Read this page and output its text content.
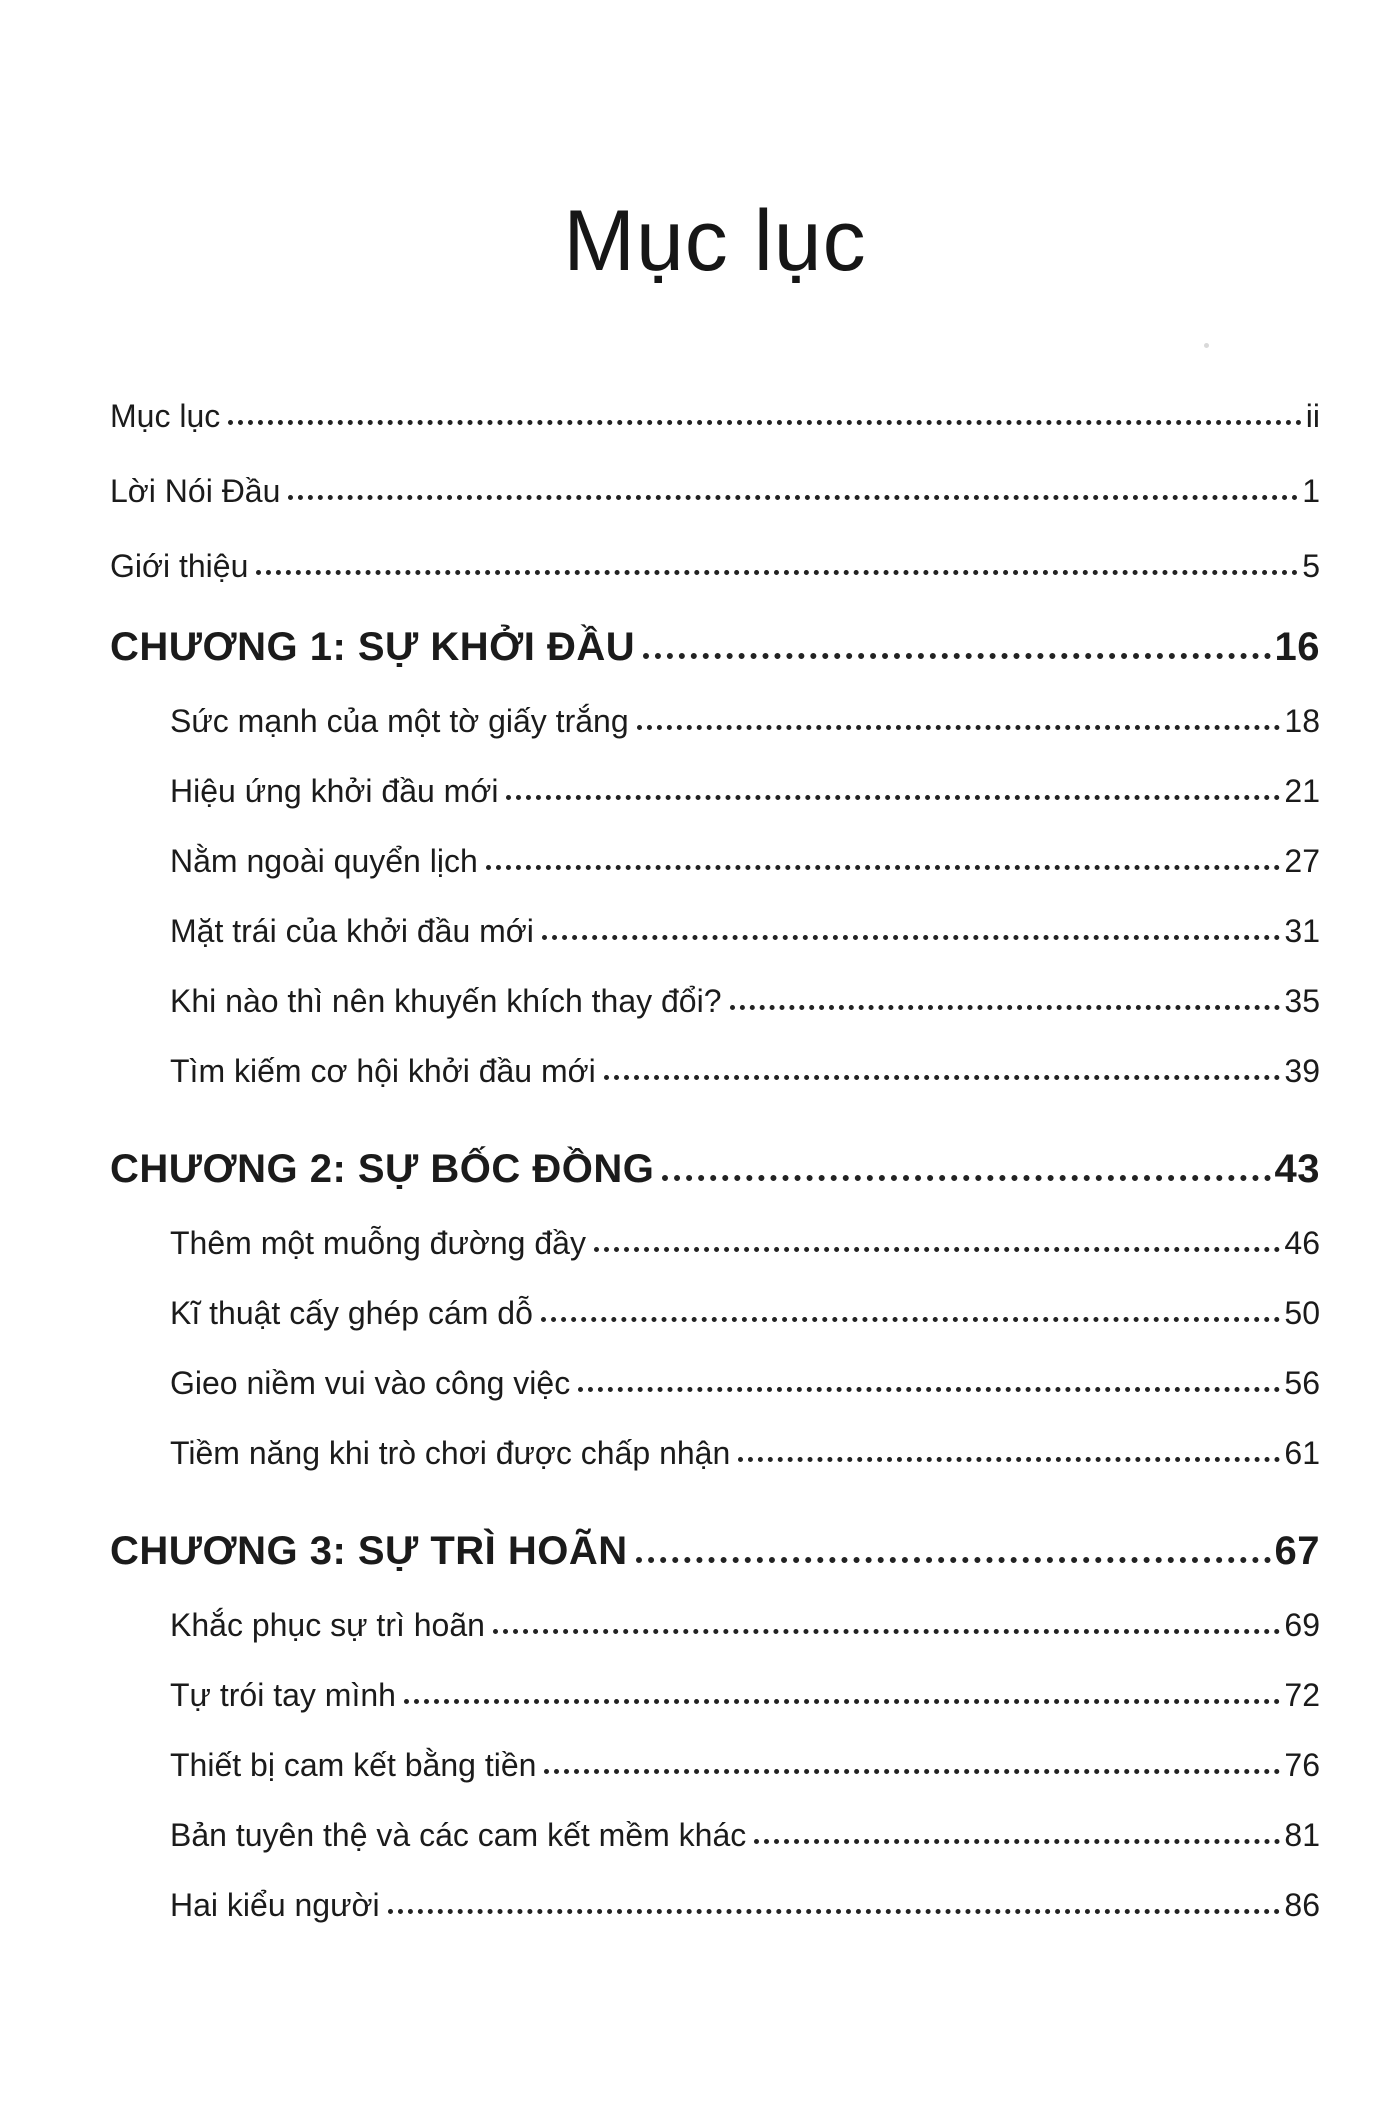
Mục lục
Mục lục	ii
Lời Nói Đầu	1
Giới thiệu	5
CHƯƠNG 1: SỰ KHỞI ĐẦU	16
Sức mạnh của một tờ giấy trắng	18
Hiệu ứng khởi đầu mới	21
Nằm ngoài quyển lịch	27
Mặt trái của khởi đầu mới	31
Khi nào thì nên khuyến khích thay đổi?	35
Tìm kiếm cơ hội khởi đầu mới	39
CHƯƠNG 2: SỰ BỐC ĐỒNG	43
Thêm một muỗng đường đầy	46
Kĩ thuật cấy ghép cám dỗ	50
Gieo niềm vui vào công việc	56
Tiềm năng khi trò chơi được chấp nhận	61
CHƯƠNG 3: SỰ TRÌ HOÃN	67
Khắc phục sự trì hoãn	69
Tự trói tay mình	72
Thiết bị cam kết bằng tiền	76
Bản tuyên thệ và các cam kết mềm khác	81
Hai kiểu người	86
